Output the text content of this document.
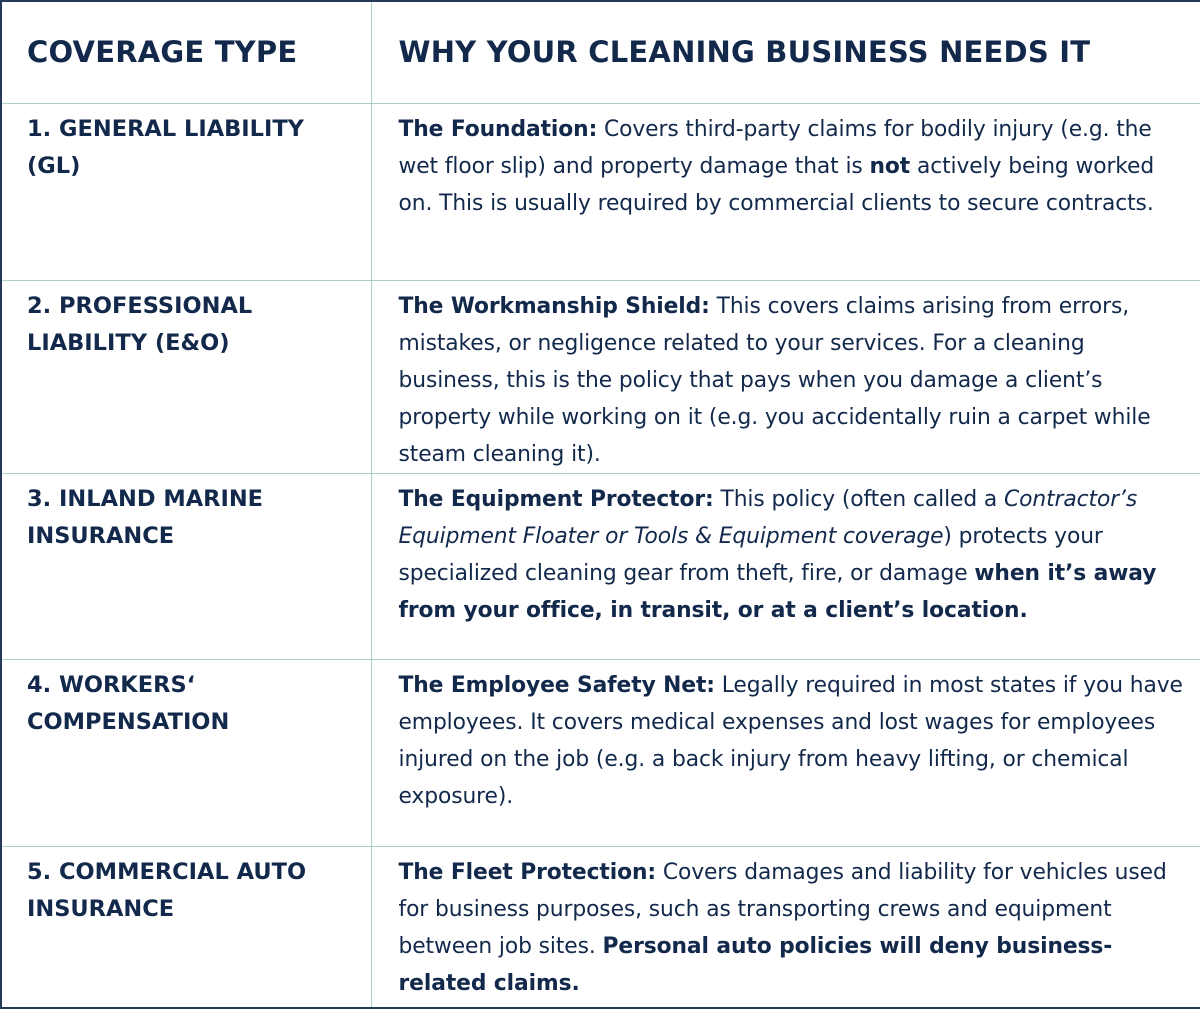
COVERAGE TYPE	WHY YOUR CLEANING BUSINESS NEEDS IT
1. GENERAL LIABILITY (GL)	The Foundation: Covers third-party claims for bodily injury (e.g. the wet floor slip) and property damage that is not actively being worked on. This is usually required by commercial clients to secure contracts.
2. PROFESSIONAL LIABILITY (E&O)	The Workmanship Shield: This covers claims arising from errors, mistakes, or negligence related to your services. For a cleaning business, this is the policy that pays when you damage a client’s property while working on it (e.g. you accidentally ruin a carpet while steam cleaning it).
3. INLAND MARINE INSURANCE	The Equipment Protector: This policy (often called a Contractor’s Equipment Floater or Tools & Equipment coverage) protects your specialized cleaning gear from theft, fire, or damage when it’s away from your office, in transit, or at a client’s location.
4. WORKERS‘ COMPENSATION	The Employee Safety Net: Legally required in most states if you have employees. It covers medical expenses and lost wages for employees injured on the job (e.g. a back injury from heavy lifting, or chemical exposure).
5. COMMERCIAL AUTO INSURANCE	The Fleet Protection: Covers damages and liability for vehicles used for business purposes, such as transporting crews and equipment between job sites. Personal auto policies will deny business-related claims.
